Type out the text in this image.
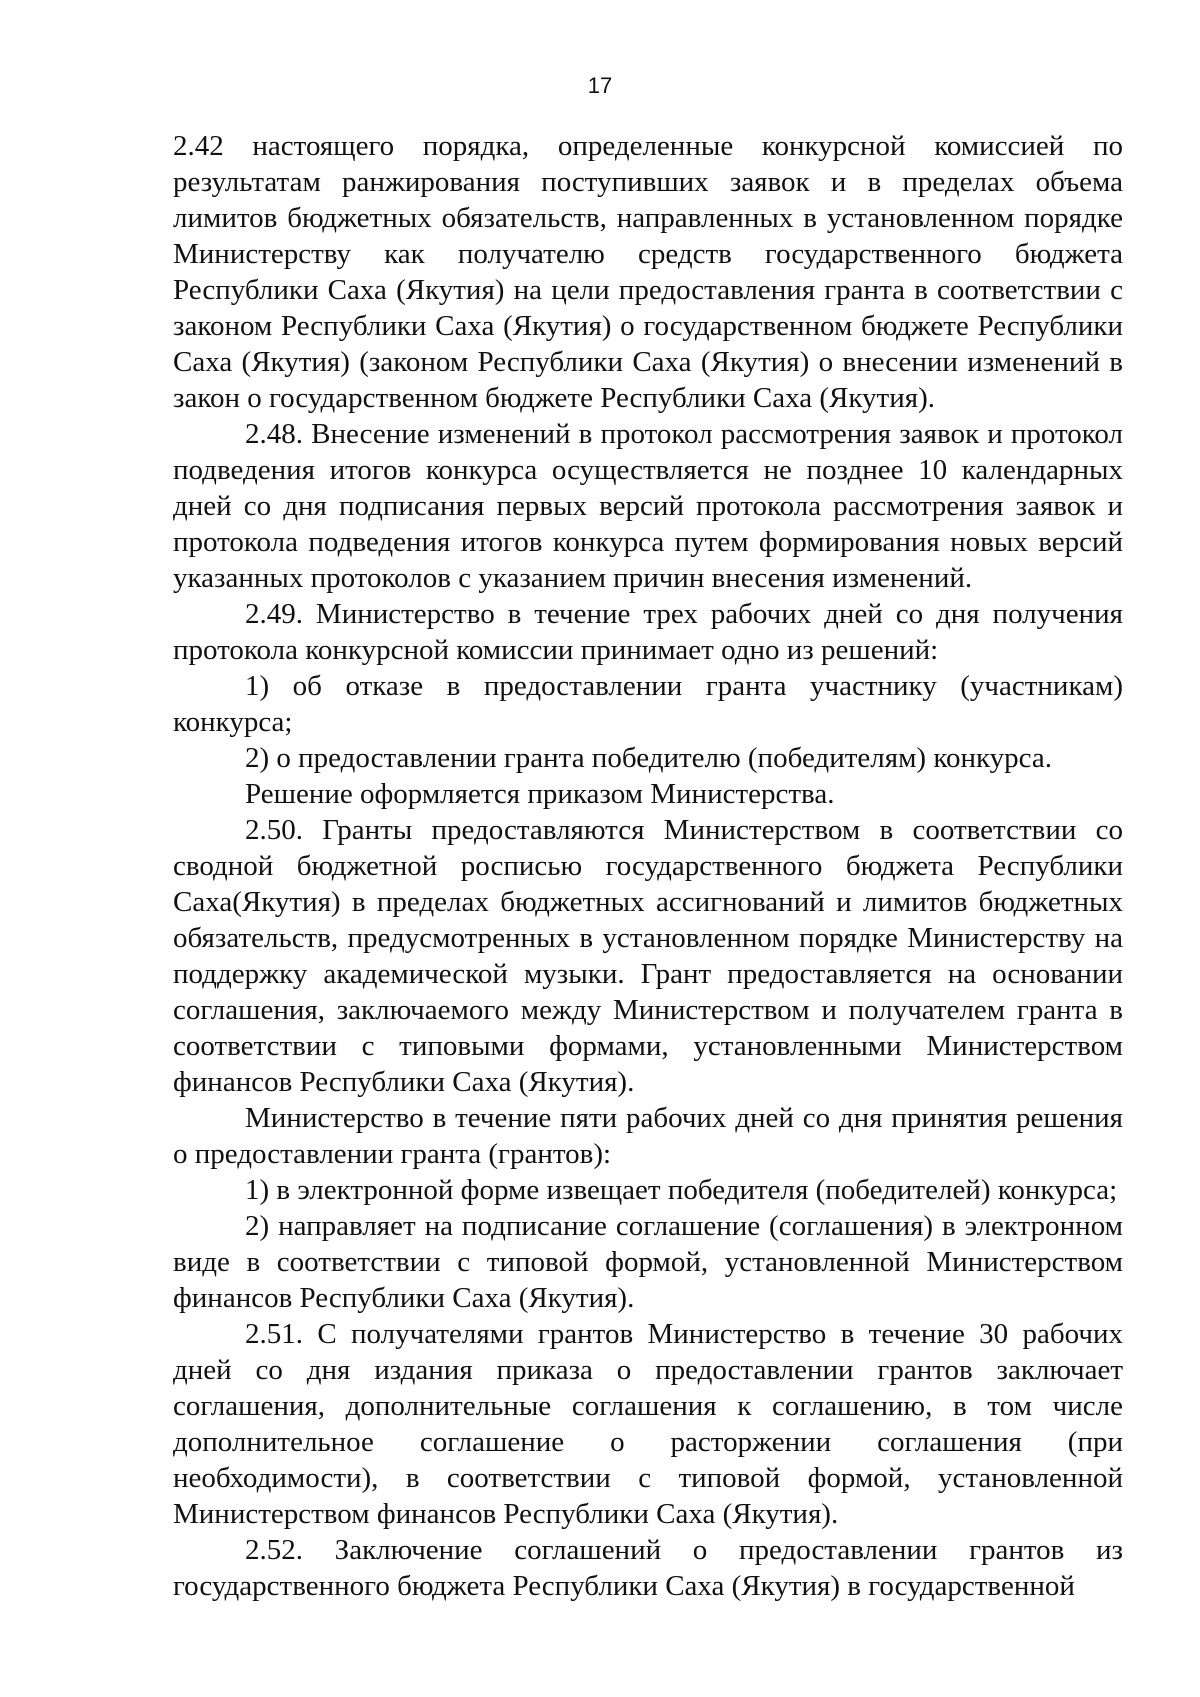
17

2.42 настоящего порядка, определенные конкурсной комиссией по результатам ранжирования поступивших заявок и в пределах объема лимитов бюджетных обязательств, направленных в установленном порядке Министерству как получателю средств государственного бюджета Республики Саха (Якутия) на цели предоставления гранта в соответствии с законом Республики Саха (Якутия) о государственном бюджете Республики Саха (Якутия) (законом Республики Саха (Якутия) о внесении изменений в закон о государственном бюджете Республики Саха (Якутия).

2.48. Внесение изменений в протокол рассмотрения заявок и протокол подведения итогов конкурса осуществляется не позднее 10 календарных дней со дня подписания первых версий протокола рассмотрения заявок и протокола подведения итогов конкурса путем формирования новых версий указанных протоколов с указанием причин внесения изменений.

2.49. Министерство в течение трех рабочих дней со дня получения протокола конкурсной комиссии принимает одно из решений:

1) об отказе в предоставлении гранта участнику (участникам) конкурса;

2) о предоставлении гранта победителю (победителям) конкурса.

Решение оформляется приказом Министерства.

2.50. Гранты предоставляются Министерством в соответствии со сводной бюджетной росписью государственного бюджета Республики Саха(Якутия) в пределах бюджетных ассигнований и лимитов бюджетных обязательств, предусмотренных в установленном порядке Министерству на поддержку академической музыки. Грант предоставляется на основании соглашения, заключаемого между Министерством и получателем гранта в соответствии с типовыми формами, установленными Министерством финансов Республики Саха (Якутия).

Министерство в течение пяти рабочих дней со дня принятия решения о предоставлении гранта (грантов):

1) в электронной форме извещает победителя (победителей) конкурса;

2) направляет на подписание соглашение (соглашения) в электронном виде в соответствии с типовой формой, установленной Министерством финансов Республики Саха (Якутия).

2.51. С получателями грантов Министерство в течение 30 рабочих дней со дня издания приказа о предоставлении грантов заключает соглашения, дополнительные соглашения к соглашению, в том числе дополнительное соглашение о расторжении соглашения (при необходимости), в соответствии с типовой формой, установленной Министерством финансов Республики Саха (Якутия).

2.52. Заключение соглашений о предоставлении грантов из государственного бюджета Республики Саха (Якутия) в государственной
